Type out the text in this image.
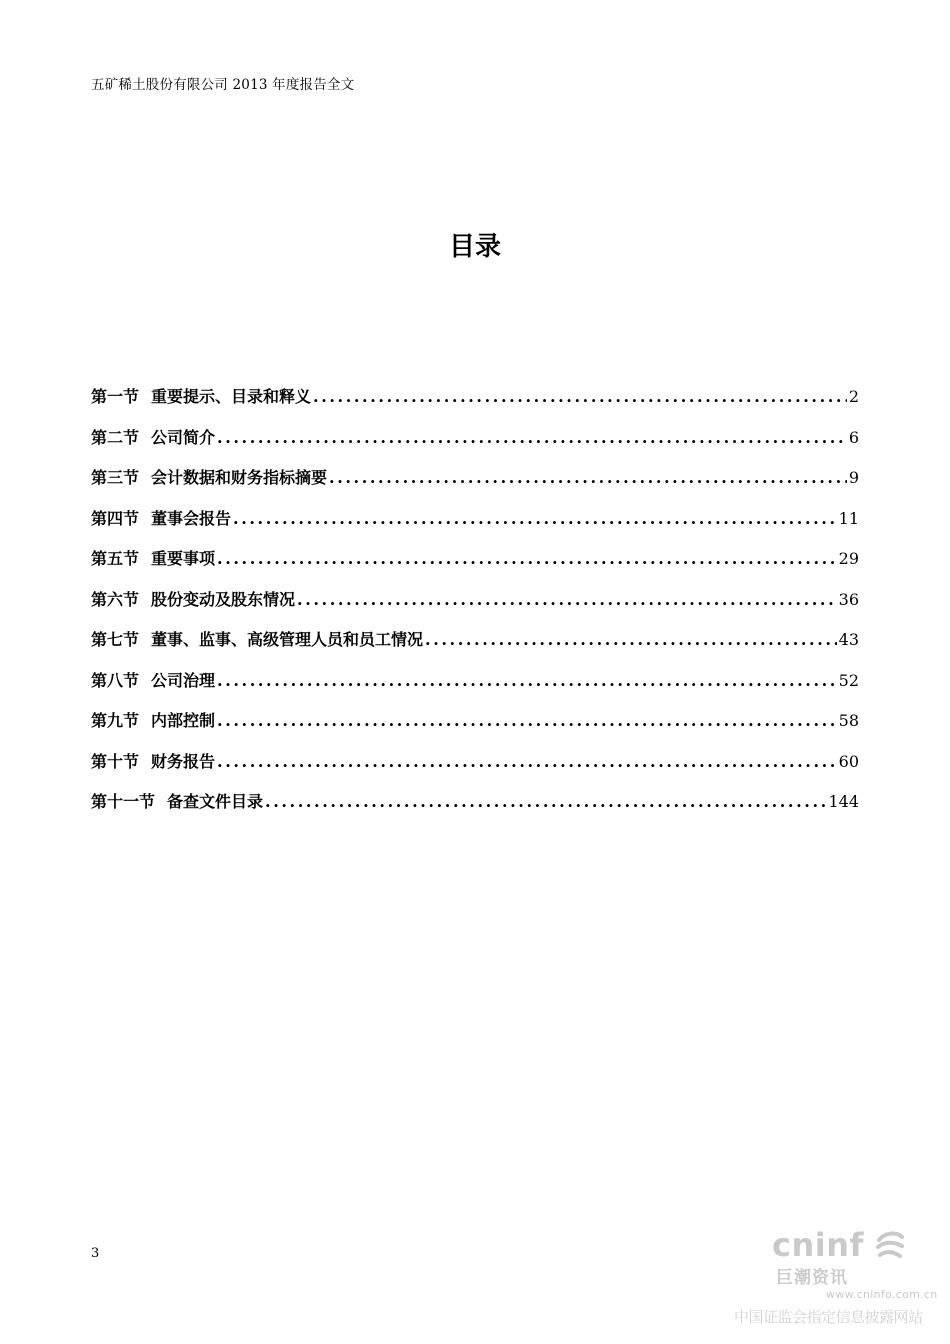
五矿稀土股份有限公司 2013 年度报告全文
目录
第一节 重要提示、目录和释义 .....	2
第二节 公司简介 .....	6
第三节 会计数据和财务指标摘要 .....	9
第四节 董事会报告 .....	11
第五节 重要事项 .....	29
第六节 股份变动及股东情况 .....	36
第七节 董事、监事、高级管理人员和员工情况 .....	43
第八节 公司治理 .....	52
第九节 内部控制 .....	58
第十节 财务报告 .....	60
第十一节 备查文件目录 .....	144
3	cninf
巨潮资讯
www.cninfo.com.cn
中国证监会指定信息披露网站
